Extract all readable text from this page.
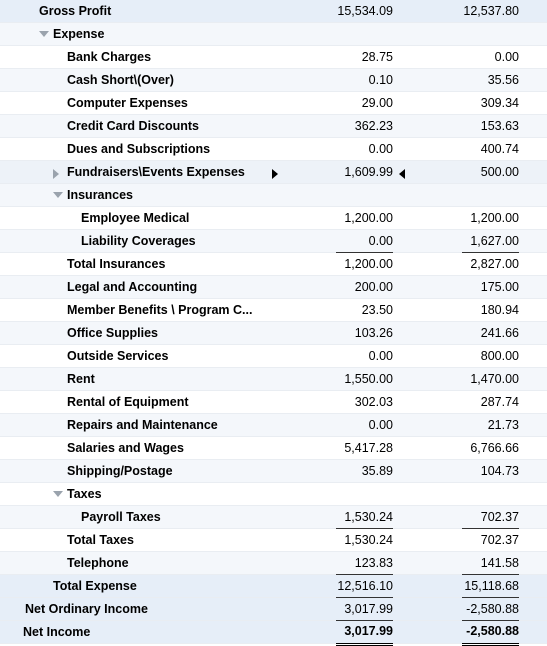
Gross Profit	15,534.09	12,537.80
Expense
Bank Charges	28.75	0.00
Cash Short\(Over)	0.10	35.56
Computer Expenses	29.00	309.34
Credit Card Discounts	362.23	153.63
Dues and Subscriptions	0.00	400.74
Fundraisers\Events Expenses	1,609.99	500.00
Insurances
Employee Medical	1,200.00	1,200.00
Liability Coverages	0.00	1,627.00
Total Insurances	1,200.00	2,827.00
Legal and Accounting	200.00	175.00
Member Benefits \ Program C...	23.50	180.94
Office Supplies	103.26	241.66
Outside Services	0.00	800.00
Rent	1,550.00	1,470.00
Rental of Equipment	302.03	287.74
Repairs and Maintenance	0.00	21.73
Salaries and Wages	5,417.28	6,766.66
Shipping/Postage	35.89	104.73
Taxes
Payroll Taxes	1,530.24	702.37
Total Taxes	1,530.24	702.37
Telephone	123.83	141.58
Total Expense	12,516.10	15,118.68
Net Ordinary Income	3,017.99	-2,580.88
Net Income	3,017.99	-2,580.88
